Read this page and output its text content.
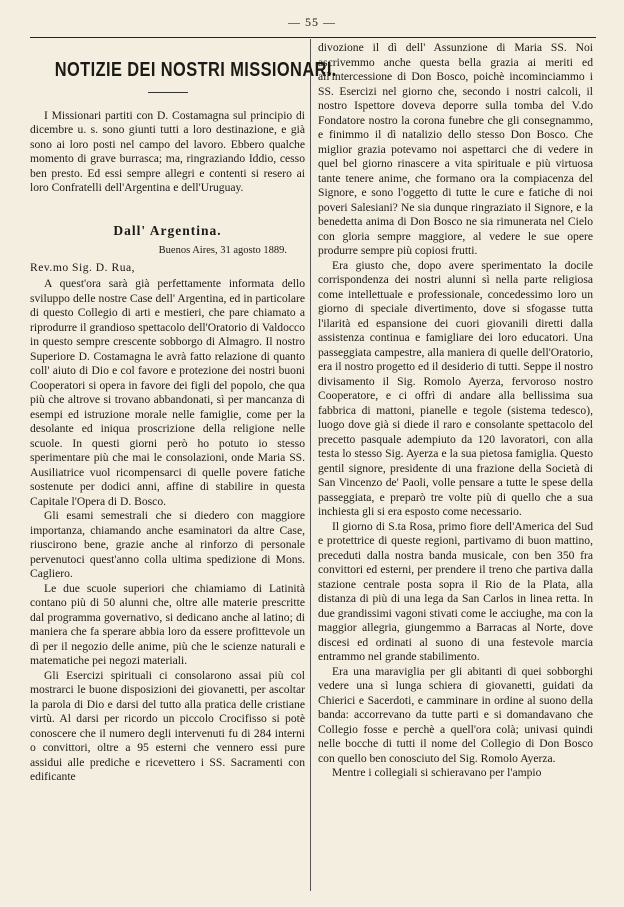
— 55 —
NOTIZIE DEI NOSTRI MISSIONARI.

I Missionari partiti con D. Costamagna sul principio di dicembre u. s. sono giunti tutti a loro destinazione, e già sono ai loro posti nel campo del lavoro. Ebbero qualche momento di grave burrasca; ma, ringraziando Iddio, cesso ben presto. Ed essi sempre allegri e contenti si resero ai loro Confratelli dell'Argentina e dell'Uruguay.

Dall' Argentina.
Buenos Aires, 31 agosto 1889.
Rev.mo Sig. D. Rua,

A quest'ora sarà già perfettamente informata dello sviluppo delle nostre Case dell' Argentina, ed in particolare di questo Collegio di arti e mestieri, che pare chiamato a riprodurre il grandioso spettacolo dell'Oratorio di Valdocco in questo sempre crescente sobborgo di Almagro. Il nostro Superiore D. Costamagna le avrà fatto relazione di quanto coll' aiuto di Dio e col favore e protezione dei nostri buoni Cooperatori si opera in favore dei figli del popolo, che qua più che altrove si trovano abbandonati, sì per mancanza di esempi ed istruzione morale nelle famiglie, come per la desolante ed iniqua proscrizione della religione nelle scuole. In questi giorni però ho potuto io stesso sperimentare più che mai le consolazioni, onde Maria SS. Ausiliatrice vuol ricompensarci di quelle povere fatiche sostenute per dodici anni, affine di stabilire in questa Capitale l'Opera di D. Bosco.

Gli esami semestrali che si diedero con maggiore importanza, chiamando anche esaminatori da altre Case, riuscirono bene, grazie anche al rinforzo di personale pervenutoci quest'anno colla ultima spedizione di Mons. Cagliero.

Le due scuole superiori che chiamiamo di Latinità contano più di 50 alunni che, oltre alle materie prescritte dal programma governativo, si dedicano anche al latino; di maniera che fa sperare abbia loro da essere profittevole un dì per il negozio delle anime, più che le scienze naturali e matematiche pei negozi materiali.

Gli Esercizi spirituali ci consolarono assai più col mostrarci le buone disposizioni dei giovanetti, per ascoltar la parola di Dio e darsi del tutto alla pratica delle cristiane virtù. Al darsi per ricordo un piccolo Crocifisso si potè conoscere che il numero degli intervenuti fu di 284 interni o convittori, oltre a 95 esterni che vennero essi pure assidui alle prediche e ricevettero i SS. Sacramenti con edificante

divozione il dì dell' Assunzione di Maria SS. Noi ascrivemmo anche questa bella grazia ai meriti ed all'intercessione di Don Bosco, poichè incominciammo i SS. Esercizi nel giorno che, secondo i nostri calcoli, il nostro Ispettore doveva deporre sulla tomba del V.do Fondatore nostro la corona funebre che gli consegnammo, e finimmo il dì natalizio dello stesso Don Bosco. Che miglior grazia potevamo noi aspettarci che di vedere in quel bel giorno rinascere a vita spirituale e più virtuosa tante tenere anime, che formano ora la compiacenza del Signore, e sono l'oggetto di tutte le cure e fatiche di noi poveri Salesiani? Ne sia dunque ringraziato il Signore, e la benedetta anima di Don Bosco ne sia rimunerata nel Cielo con gloria sempre maggiore, al vedere le sue opere produrre sempre più copiosi frutti.

Era giusto che, dopo avere sperimentato la docile corrispondenza dei nostri alunni sì nella parte religiosa come intellettuale e professionale, concedessimo loro un giorno di speciale divertimento, dove si sfogasse tutta l'ilarità ed espansione dei cuori giovanili diretti dalla assistenza continua e famigliare dei loro educatori. Una passeggiata campestre, alla maniera di quelle dell'Oratorio, era il nostro progetto ed il desiderio di tutti. Seppe il nostro divisamento il Sig. Romolo Ayerza, fervoroso nostro Cooperatore, e ci offrì di andare alla bellissima sua fabbrica di mattoni, pianelle e tegole (sistema tedesco), luogo dove già si diede il raro e consolante spettacolo del precetto pasquale adempiuto da 120 lavoratori, con alla testa lo stesso Sig. Ayerza e la sua pietosa famiglia. Questo gentil signore, presidente di una frazione della Società di San Vincenzo de' Paoli, volle pensare a tutte le spese della passeggiata, e preparò tre volte più di quello che a sua inchiesta gli si era esposto come necessario.

Il giorno di S.ta Rosa, primo fiore dell'America del Sud e protettrice di queste regioni, partivamo di buon mattino, preceduti dalla nostra banda musicale, con ben 350 fra convittori ed esterni, per prendere il treno che partiva dalla stazione centrale posta sopra il Rio de la Plata, alla distanza di più di una lega da San Carlos in linea retta. In due grandissimi vagoni stivati come le acciughe, ma con la maggior allegria, giungemmo a Barracas al Norte, dove discesi ed ordinati al suono di una festevole marcia entrammo nel grande stabilimento.

Era una maraviglia per gli abitanti di quei sobborghi vedere una sì lunga schiera di giovanetti, guidati da Chierici e Sacerdoti, e camminare in ordine al suono della banda: accorrevano da tutte parti e si domandavano che Collegio fosse e perchè a quell'ora colà; univasi quindi nelle bocche di tutti il nome del Collegio di Don Bosco con quello ben conosciuto del Sig. Romolo Ayerza.

Mentre i collegiali si schieravano per l'ampio
